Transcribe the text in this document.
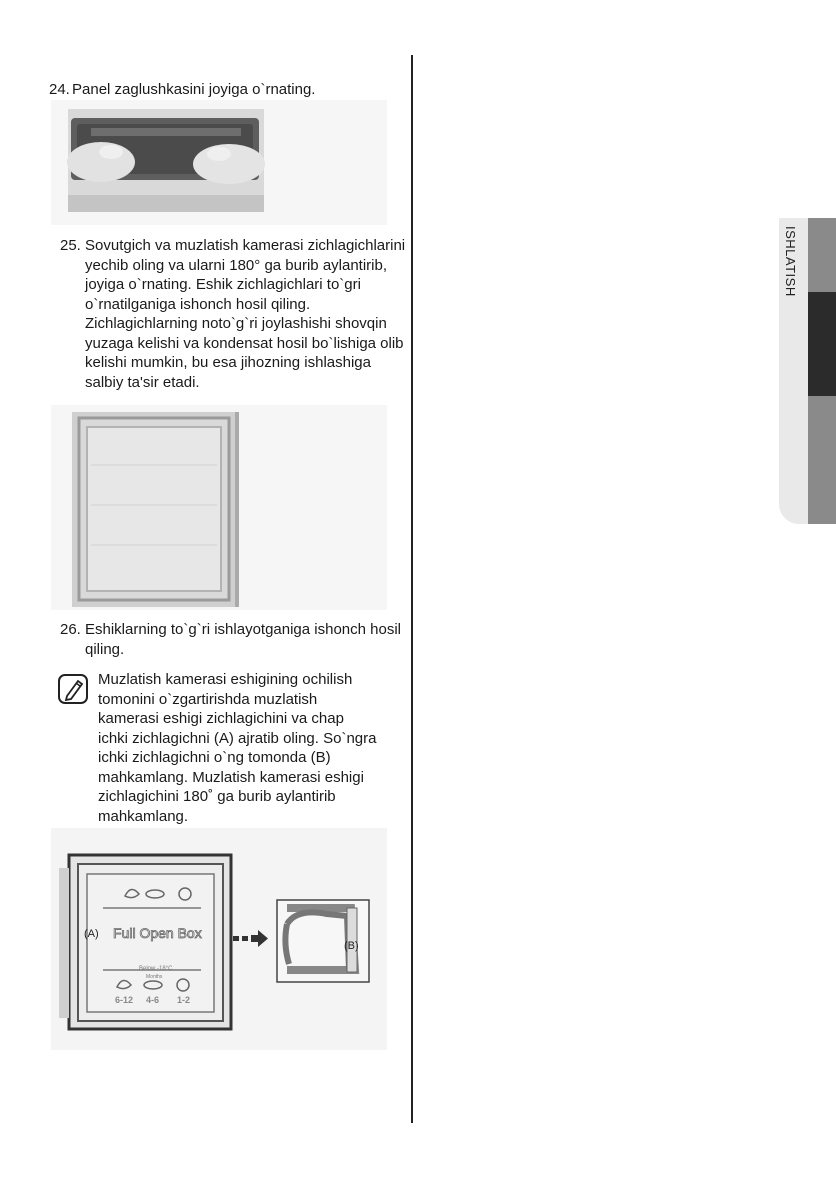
ISHLATISH
24. Panel zaglushkasini joyiga o`rnating.
25. Sovutgich va muzlatish kamerasi zichlagichlarini yechib oling va ularni 180° ga burib aylantirib, joyiga o`rnating. Eshik zichlagichlari to`gri o`rnatilganiga ishonch hosil qiling. Zichlagichlarning noto`g`ri joylashishi shovqin yuzaga kelishi va kondensat hosil bo`lishiga olib kelishi mumkin, bu esa jihozning ishlashiga salbiy ta'sir etadi.
26. Eshiklarning to`g`ri ishlayotganiga ishonch hosil qiling.
Muzlatish kamerasi eshigining ochilish tomonini o`zgartirishda muzlatish kamerasi eshigi zichlagichini va chap ichki zichlagichni (A) ajratib oling. So`ngra ichki zichlagichni o`ng tomonda (B) mahkamlang. Muzlatish kamerasi eshigi zichlagichini 180˚ ga burib aylantirib mahkamlang.
Full Open Box
Below -18°C
Months
6-12 4-6 1-2
(A)
(B)
